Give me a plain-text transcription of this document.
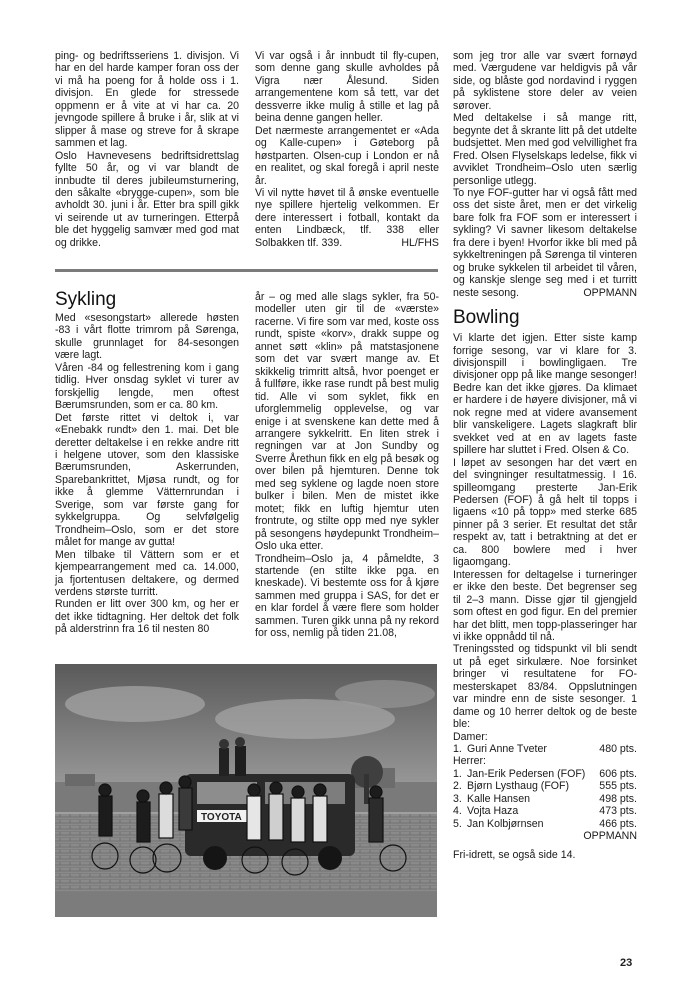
ping- og bedriftsseriens 1. divisjon. Vi har en del harde kamper foran oss der vi må ha poeng for å holde oss i 1. divisjon. En glede for stressede oppmenn er å vite at vi har ca. 20 jevngode spillere å bruke i år, slik at vi slipper å mase og streve for å skrape sammen et lag.

Oslo Havnevesens bedriftsidrettslag fyllte 50 år, og vi var blandt de innbudte til deres jubileumsturnering, den såkalte «brygge-cupen», som ble avholdt 30. juni i år. Etter bra spill gikk vi seirende ut av turneringen. Etterpå ble det hyggelig samvær med god mat og drikke.

Vi var også i år innbudt til fly-cupen, som denne gang skulle avholdes på Vigra nær Ålesund. Siden arrangementene kom så tett, var det dessverre ikke mulig å stille et lag på beina denne gangen heller.

Det nærmeste arrangementet er «Ada og Kalle-cupen» i Gøteborg på høstparten. Olsen-cup i London er nå en realitet, og skal foregå i april neste år.

Vi vil nytte høvet til å ønske eventuelle nye spillere hjertelig velkommen. Er dere interessert i fotball, kontakt da enten Lindbæck, tlf. 338 eller Solbakken tlf. 339.	HL/FHS
Sykling

Med «sesongstart» allerede høsten -83 i vårt flotte trimrom på Sørenga, skulle grunnlaget for 84-sesongen være lagt.

Våren -84 og fellestrening kom i gang tidlig. Hver onsdag syklet vi turer av forskjellig lengde, men oftest Bærumsrunden, som er ca. 80 km.

Det første rittet vi deltok i, var «Enebakk rundt» den 1. mai. Det ble deretter deltakelse i en rekke andre ritt i helgene utover, som den klassiske Bærumsrunden, Askerrunden, Sparebankrittet, Mjøsa rundt, og for ikke å glemme Vätternrundan i Sverige, som var første gang for sykkelgruppa. Og selvfølgelig Trondheim–Oslo, som er det store målet for mange av gutta!

Men tilbake til Vättern som er et kjempearrangement med ca. 14.000, ja fjortentusen deltakere, og dermed verdens største turritt.

Runden er litt over 300 km, og her er det ikke tidtagning. Her deltok det folk på alderstrinn fra 16 til nesten 80

år – og med alle slags sykler, fra 50-modeller uten gir til de «værste» racerne. Vi fire som var med, koste oss rundt, spiste «korv», drakk suppe og annet søtt «klin» på matstasjonene som det var svært mange av. Et skikkelig trimritt altså, hvor poenget er å fullføre, ikke rase rundt på best mulig tid. Alle vi som syklet, fikk en uforglemmelig opplevelse, og var enige i at svenskene kan dette med å arrangere sykkelritt. En liten strek i regningen var at Jon Sundby og Sverre Årethun fikk en elg på besøk og over bilen på hjemturen. Denne tok med seg syklene og lagde noen store bulker i bilen. Men de mistet ikke motet; fikk en luftig hjemtur uten frontrute, og stilte opp med nye sykler på sesongens høydepunkt Trondheim–Oslo uka etter.

Trondheim–Oslo ja, 4 påmeldte, 3 startende (en stilte ikke pga. en kneskade). Vi bestemte oss for å kjøre sammen med gruppa i SAS, for det er en klar fordel å være flere som holder sammen. Turen gikk unna på ny rekord for oss, nemlig på tiden 21.08,

som jeg tror alle var svært fornøyd med. Værgudene var heldigvis på vår side, og blåste god nordavind i ryggen på syklistene store deler av veien sørover.

Med deltakelse i så mange ritt, begynte det å skrante litt på det utdelte budsjettet. Men med god velvillighet fra Fred. Olsen Flyselskaps ledelse, fikk vi avviklet Trondheim–Oslo uten særlig personlige utlegg.

To nye FOF-gutter har vi også fått med oss det siste året, men er det virkelig bare folk fra FOF som er interessert i sykling? Vi savner likesom deltakelse fra dere i byen! Hvorfor ikke bli med på sykkeltreningen på Sørenga til vinteren og bruke sykkelen til arbeidet til våren, og kanskje slenge seg med i et turritt neste sesong.	OPPMANN
Bowling

Vi klarte det igjen. Etter siste kamp forrige sesong, var vi klare for 3. divisjonspill i bowlingligaen. Tre divisjoner opp på like mange sesonger! Bedre kan det ikke gjøres. Da klimaet er hardere i de høyere divisjoner, må vi nok regne med at videre avansement blir vanskeligere. Lagets slagkraft blir svekket ved at en av lagets faste spillere har sluttet i Fred. Olsen & Co.

I løpet av sesongen har det vært en del svingninger resultatmessig. I 16. spilleomgang presterte Jan-Erik Pedersen (FOF) å gå helt til topps i ligaens «10 på topp» med sterke 685 pinner på 3 serier. Et resultat det står respekt av, tatt i betraktning at det er ca. 800 bowlere med i hver ligaomgang.

Interessen for deltagelse i turneringer er ikke den beste. Det begrenser seg til 2–3 mann. Disse gjør til gjengjeld som oftest en god figur. En del premier har det blitt, men topp-plasseringer har vi ikke oppnådd til nå.

Treningssted og tidspunkt vil bli sendt ut på eget sirkulære. Noe forsinket bringer vi resultatene for FO-mesterskapet 83/84. Oppslutningen var mindre enn de siste sesonger. 1 dame og 10 herrer deltok og de beste ble:

Damer:
1. Guri Anne Tveter	480 pts.
Herrer:
1. Jan-Erik Pedersen (FOF)	606 pts.
2. Bjørn Lysthaug (FOF)	555 pts.
3. Kalle Hansen	498 pts.
4. Vojta Haza	473 pts.
5. Jan Kolbjørnsen	466 pts.
OPPMANN
Fri-idrett, se også side 14.
TOYOTA
23
